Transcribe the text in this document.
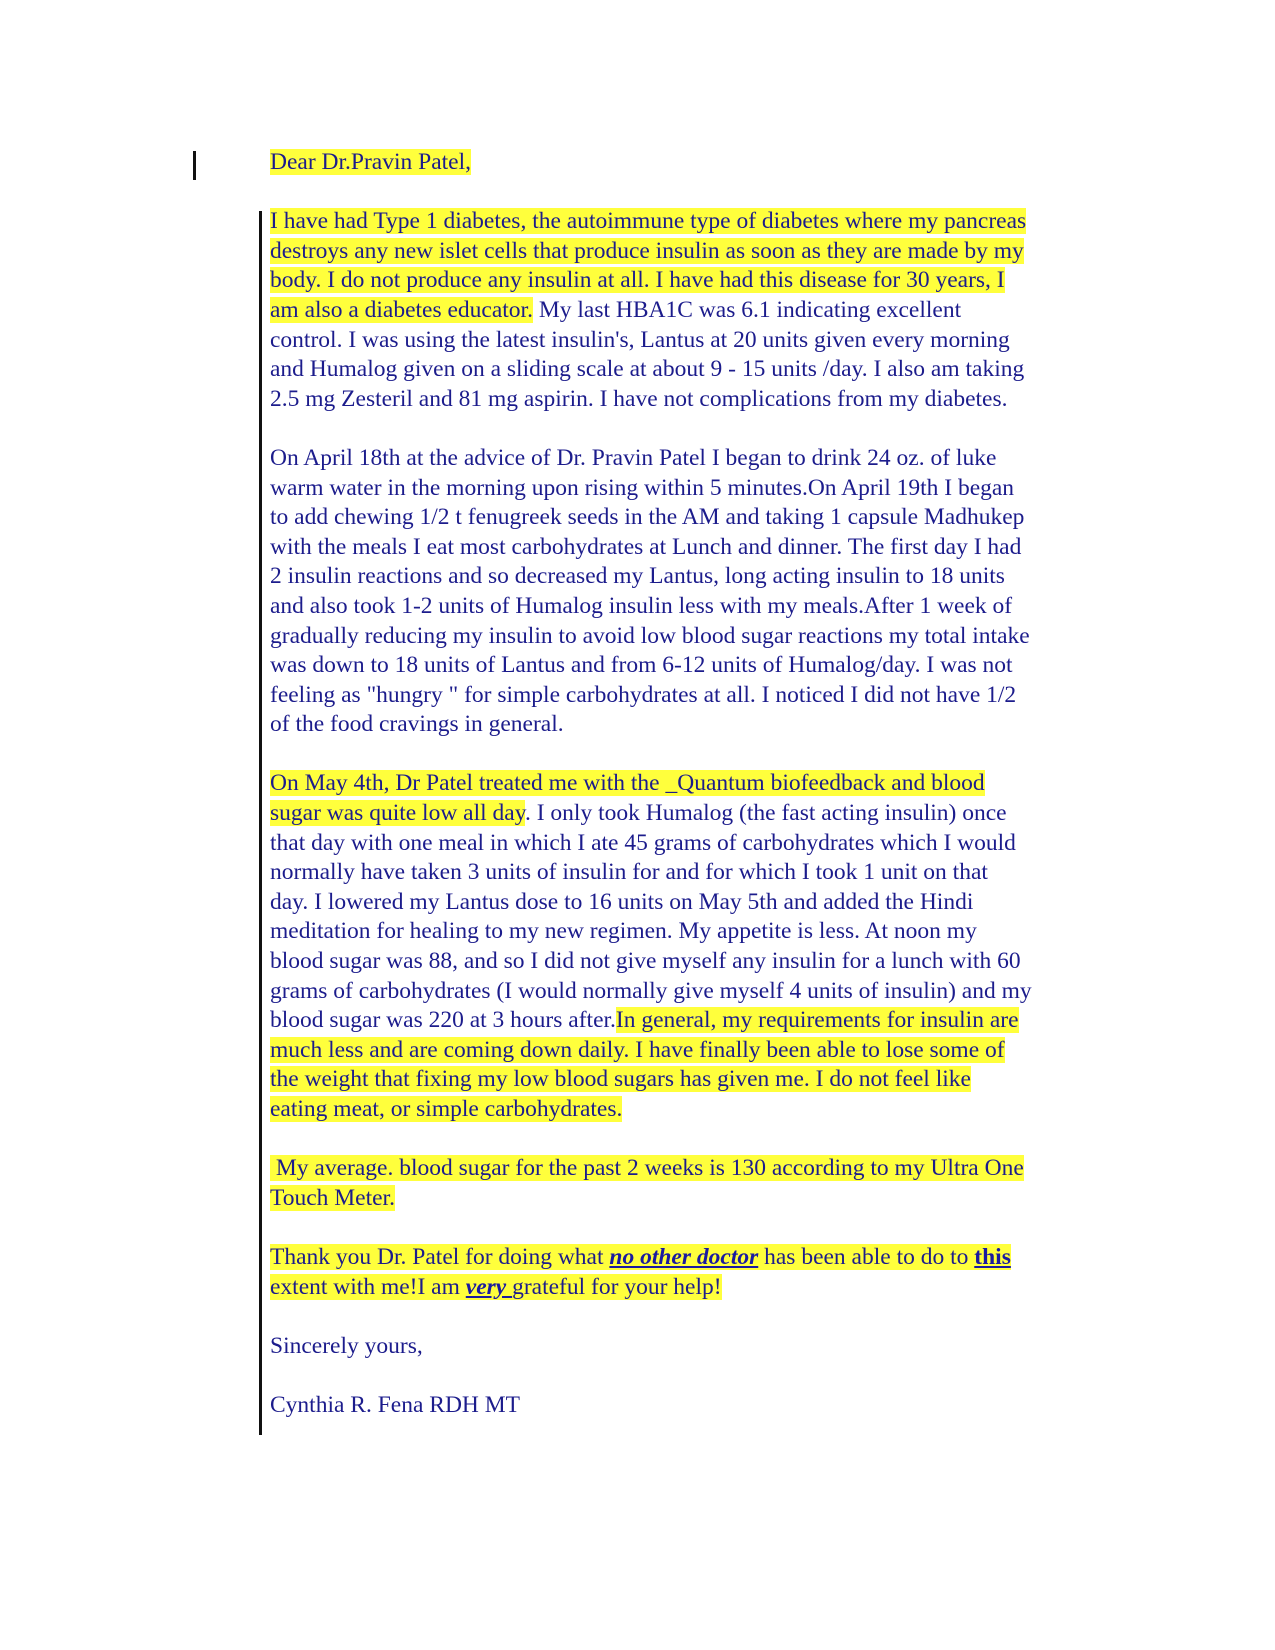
Dear Dr.Pravin Patel,

I have had Type 1 diabetes, the autoimmune type of diabetes where my pancreas

destroys any new islet cells that produce insulin as soon as they are made by my

body. I do not produce any insulin at all. I have had this disease for 30 years, I

am also a diabetes educator. My last HBA1C was 6.1 indicating excellent

control. I was using the latest insulin's, Lantus at 20 units given every morning

and Humalog given on a sliding scale at about 9 - 15 units /day. I also am taking

2.5 mg Zesteril and 81 mg aspirin. I have not complications from my diabetes.

On April 18th at the advice of Dr. Pravin Patel I began to drink 24 oz. of luke

warm water in the morning upon rising within 5 minutes.On April 19th I began

to add chewing 1/2 t fenugreek seeds in the AM and taking 1 capsule Madhukep

with the meals I eat most carbohydrates at Lunch and dinner. The first day I had

2 insulin reactions and so decreased my Lantus, long acting insulin to 18 units

and also took 1-2 units of Humalog insulin less with my meals.After 1 week of

gradually reducing my insulin to avoid low blood sugar reactions my total intake

was down to 18 units of Lantus and from 6-12 units of Humalog/day. I was not

feeling as "hungry " for simple carbohydrates at all. I noticed I did not have 1/2

of the food cravings in general.

On May 4th, Dr Patel treated me with the _Quantum biofeedback and blood

sugar was quite low all day. I only took Humalog (the fast acting insulin) once

that day with one meal in which I ate 45 grams of carbohydrates which I would

normally have taken 3 units of insulin for and for which I took 1 unit on that

day. I lowered my Lantus dose to 16 units on May 5th and added the Hindi

meditation for healing to my new regimen. My appetite is less. At noon my

blood sugar was 88, and so I did not give myself any insulin for a lunch with 60

grams of carbohydrates (I would normally give myself 4 units of insulin) and my

blood sugar was 220 at 3 hours after.In general, my requirements for insulin are

much less and are coming down daily. I have finally been able to lose some of

the weight that fixing my low blood sugars has given me. I do not feel like

eating meat, or simple carbohydrates.

My average. blood sugar for the past 2 weeks is 130 according to my Ultra One

Touch Meter.

Thank you Dr. Patel for doing what no other doctor has been able to do to this

extent with me!I am very grateful for your help!

Sincerely yours,

Cynthia R. Fena RDH MT
